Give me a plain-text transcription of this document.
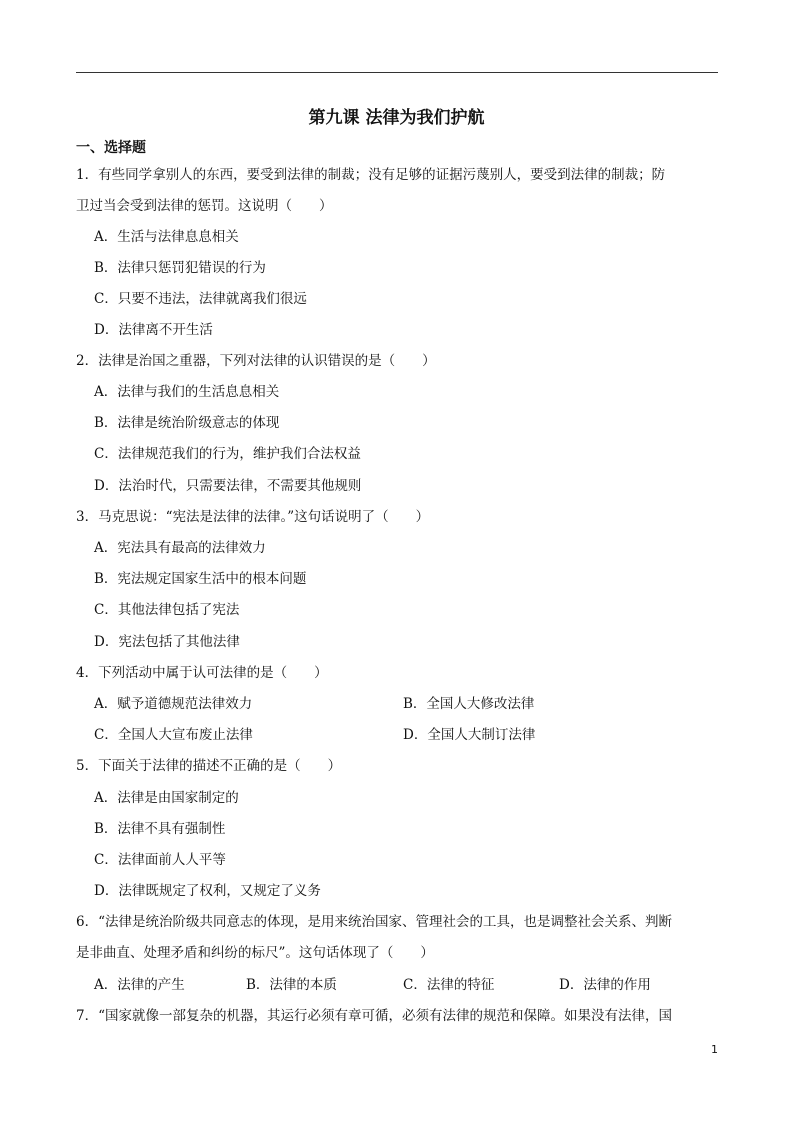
第九课 法律为我们护航
一、选择题
1．有些同学拿别人的东西，要受到法律的制裁；没有足够的证据污蔑别人，要受到法律的制裁；防
卫过当会受到法律的惩罚。这说明（　　）
A．生活与法律息息相关
B．法律只惩罚犯错误的行为
C．只要不违法，法律就离我们很远
D．法律离不开生活
2．法律是治国之重器，下列对法律的认识错误的是（　　）
A．法律与我们的生活息息相关
B．法律是统治阶级意志的体现
C．法律规范我们的行为，维护我们合法权益
D．法治时代，只需要法律，不需要其他规则
3．马克思说：“宪法是法律的法律。”这句话说明了（　　）
A．宪法具有最高的法律效力
B．宪法规定国家生活中的根本问题
C．其他法律包括了宪法
D．宪法包括了其他法律
4．下列活动中属于认可法律的是（　　）
A．赋予道德规范法律效力	B．全国人大修改法律
C．全国人大宣布废止法律	D．全国人大制订法律
5．下面关于法律的描述不正确的是（　　）
A．法律是由国家制定的
B．法律不具有强制性
C．法律面前人人平等
D．法律既规定了权利，又规定了义务
6．“法律是统治阶级共同意志的体现，是用来统治国家、管理社会的工具，也是调整社会关系、判断
是非曲直、处理矛盾和纠纷的标尺”。这句话体现了（　　）
A．法律的产生	B．法律的本质	C．法律的特征	D．法律的作用
7．“国家就像一部复杂的机器，其运行必须有章可循，必须有法律的规范和保障。如果没有法律，国
1
